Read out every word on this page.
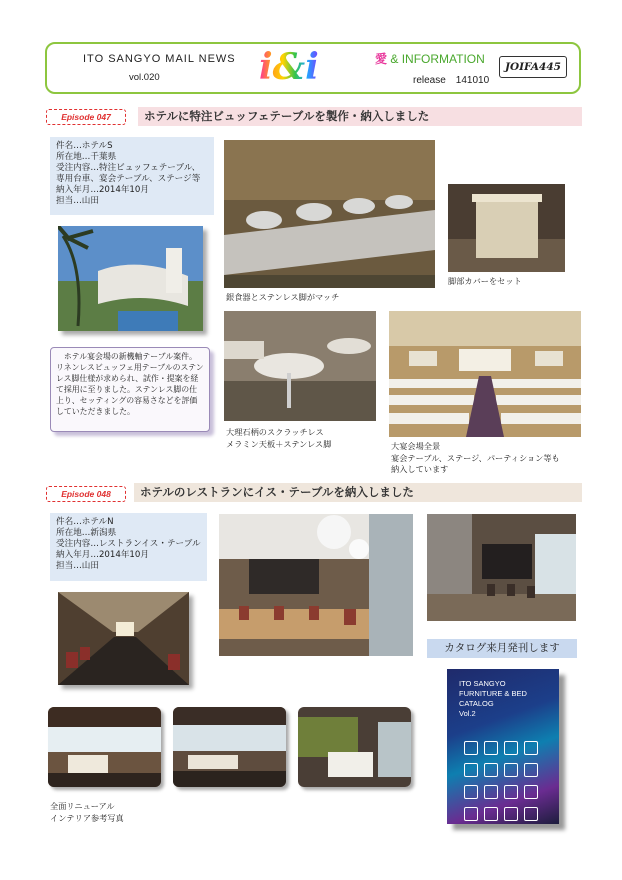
ITO SANGYO MAIL NEWS
vol.020	i&i	愛 & INFORMATION
release　141010
JOIFA445
Episode 047	ホテルに特注ビュッフェテーブルを製作・納入しました
件名…ホテルS
所在地…千葉県
受注内容…特注ビュッフェテーブル、
専用台車、宴会テーブル、ステージ等
納入年月…2014年10月
担当…山田
　ホテル宴会場の新機軸テーブル案件。リネンレスビュッフェ用テーブルのステンレス脚仕様が求められ、試作・提案を経て採用に至りました。ステンレス脚の仕上り、セッティングの容易さなどを評価していただきました。
銀食器とステンレス脚がマッチ
脚部カバーをセット
大理石柄のスクラッチレス
メラミン天板＋ステンレス脚	大宴会場全景
宴会テーブル、ステージ、パーティション等も
納入しています
Episode 048	ホテルのレストランにイス・テーブルを納入しました
件名…ホテルN
所在地…新潟県
受注内容…レストランイス・テーブル
納入年月…2014年10月
担当…山田
カタログ来月発刊します
全面リニューアル
インテリア参考写真
ITO SANGYO
FURNITURE & BED
CATALOG
Vol.2
